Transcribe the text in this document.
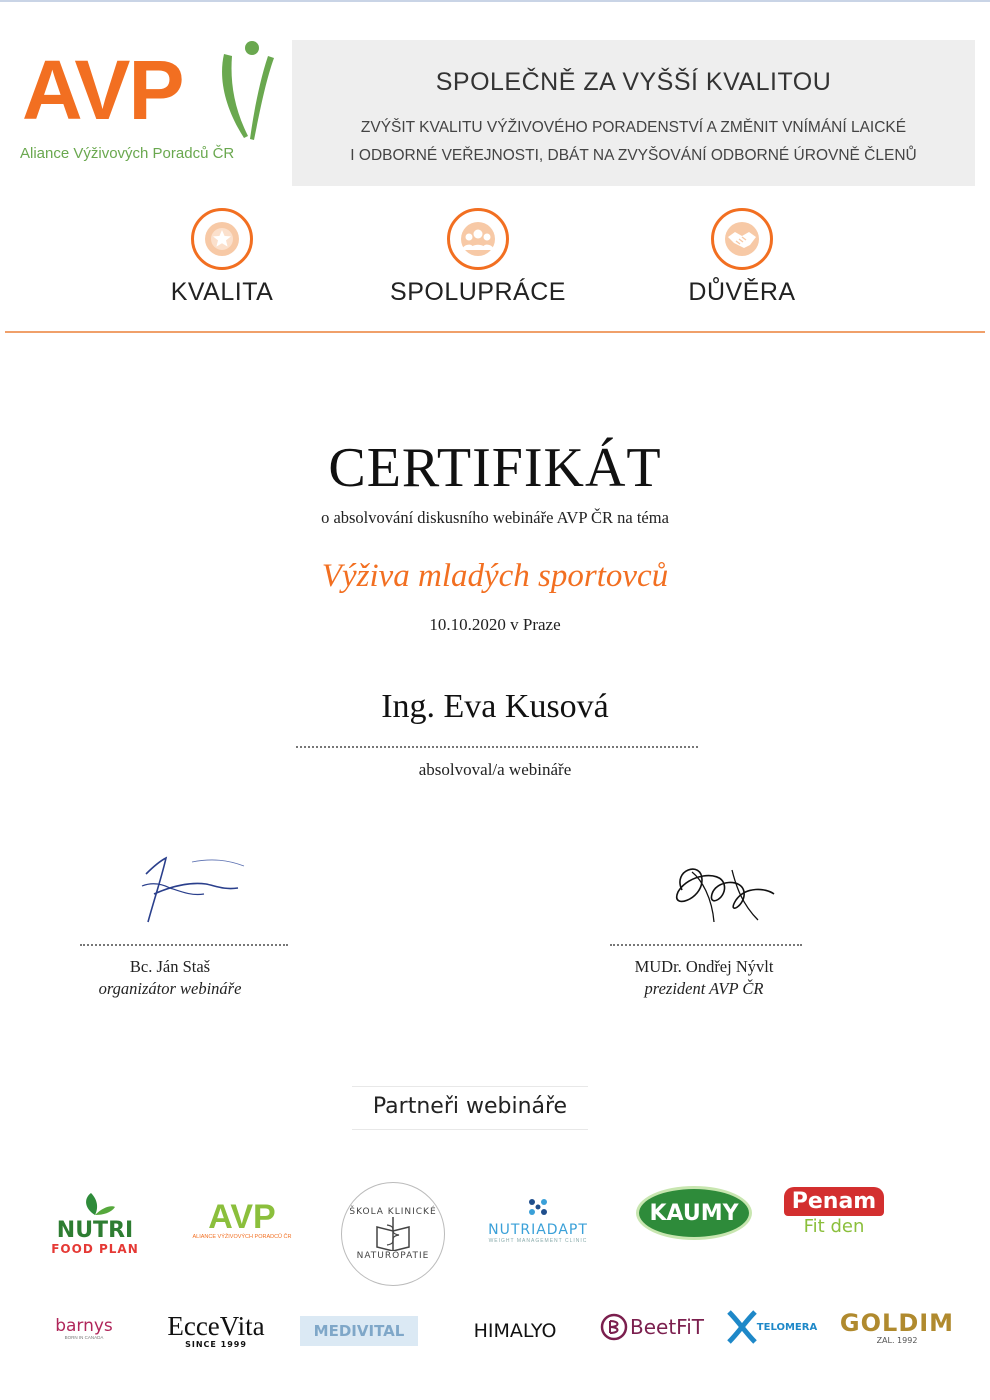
AVP
Aliance Výživových Poradců ČR
SPOLEČNĚ ZA VYŠŠÍ KVALITOU
ZVÝŠIT KVALITU VÝŽIVOVÉHO PORADENSTVÍ A ZMĚNIT VNÍMÁNÍ LAICKÉ
I ODBORNÉ VEŘEJNOSTI, DBÁT NA ZVYŠOVÁNÍ ODBORNÉ ÚROVNĚ ČLENŮ
KVALITA	SPOLUPRÁCE	DŮVĚRA
CERTIFIKÁT
o absolvování diskusního webináře AVP ČR na téma
Výživa mladých sportovců
10.10.2020 v Praze
Ing. Eva Kusová
absolvoval/a webináře
Bc. Ján Staš
organizátor webináře
MUDr. Ondřej Nývlt
prezident AVP ČR
Partneři webináře
NUTRI
FOOD PLAN
AVP
ALIANCE VÝŽIVOVÝCH PORADCŮ ČR
ŠKOLA KLINICKÉ
NATUROPATIE
NUTRIADAPT
WEIGHT MANAGEMENT CLINIC
KAUMY	Penam
Fit den
barnys
BORN IN CANADA	EcceVita
SINCE 1999
MEDIVITAL	HIMALYO	BeetFiT	TELOMERA GOLDIM
ZAL. 1992
